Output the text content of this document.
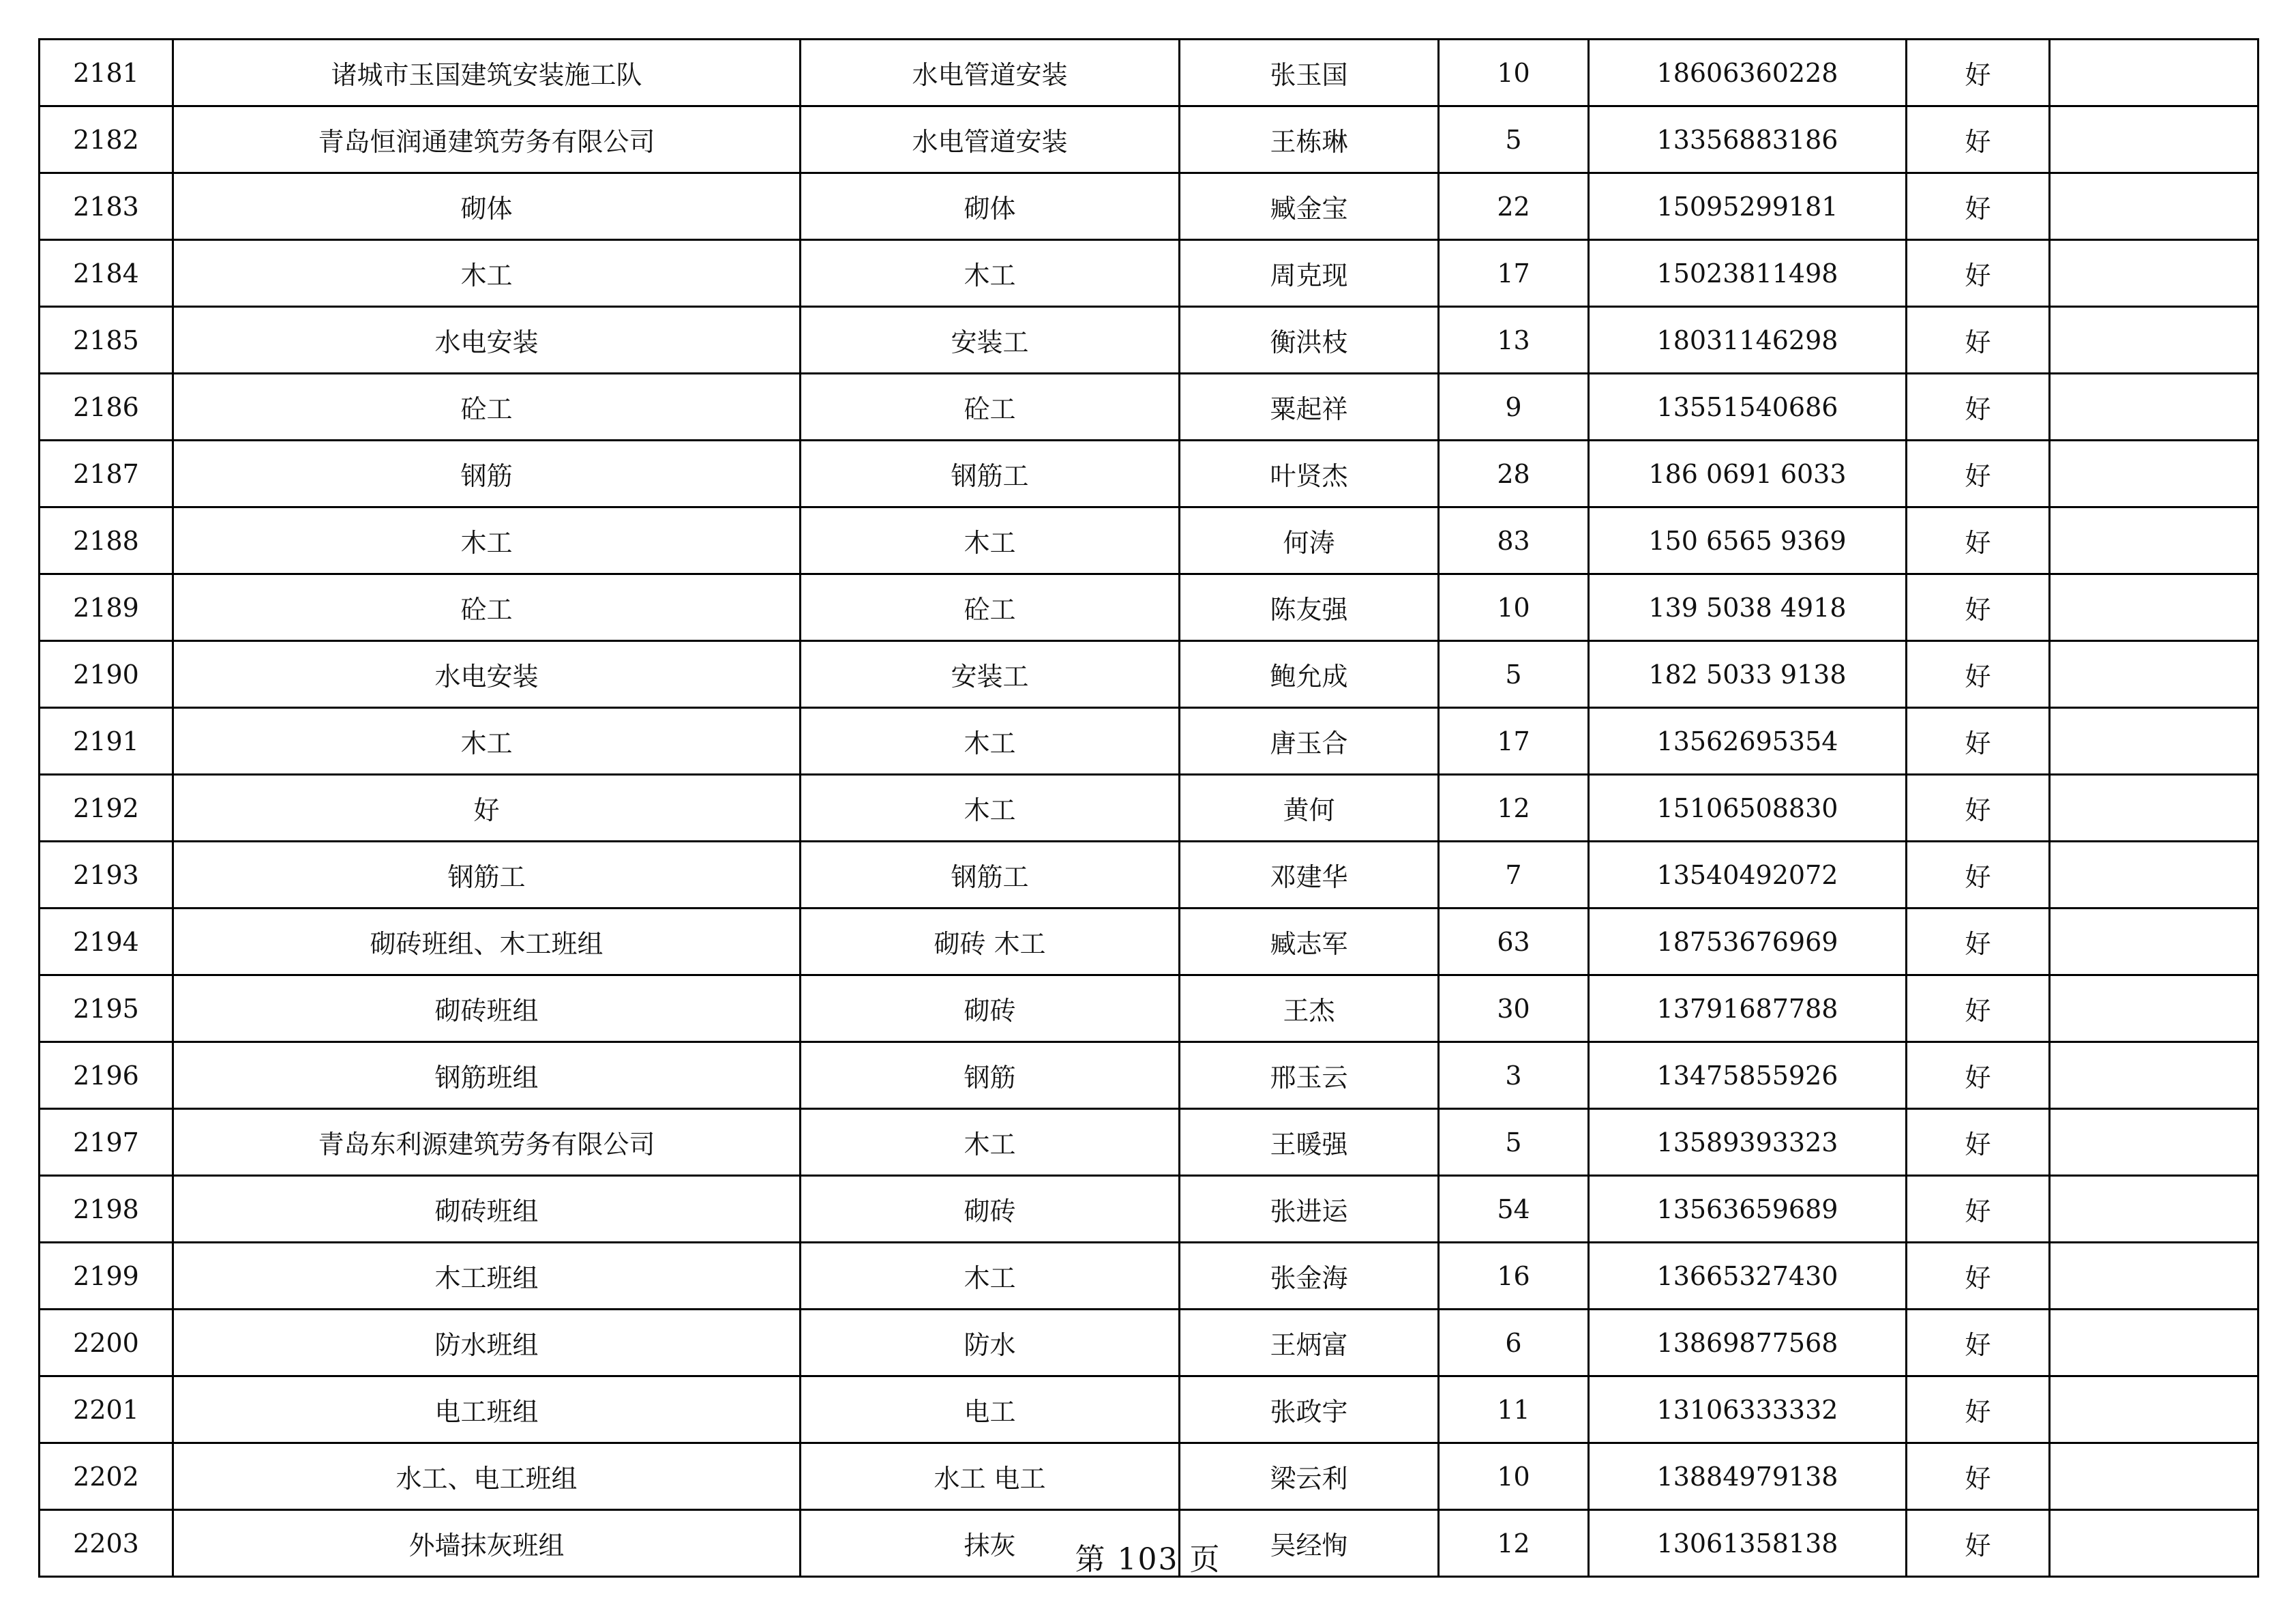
2181	诸城市玉国建筑安装施工队	水电管道安装	张玉国	10	18606360228	好	
2182	青岛恒润通建筑劳务有限公司	水电管道安装	王栋琳	5	13356883186	好	
2183	砌体	砌体	臧金宝	22	15095299181	好	
2184	木工	木工	周克现	17	15023811498	好	
2185	水电安装	安装工	衡洪枝	13	18031146298	好	
2186	砼工	砼工	粟起祥	9	13551540686	好	
2187	钢筋	钢筋工	叶贤杰	28	186 0691 6033	好	
2188	木工	木工	何涛	83	150 6565 9369	好	
2189	砼工	砼工	陈友强	10	139 5038 4918	好	
2190	水电安装	安装工	鲍允成	5	182 5033 9138	好	
2191	木工	木工	唐玉合	17	13562695354	好	
2192	好	木工	黄何	12	15106508830	好	
2193	钢筋工	钢筋工	邓建华	7	13540492072	好	
2194	砌砖班组、木工班组	砌砖 木工	臧志军	63	18753676969	好	
2195	砌砖班组	砌砖	王杰	30	13791687788	好	
2196	钢筋班组	钢筋	邢玉云	3	13475855926	好	
2197	青岛东利源建筑劳务有限公司	木工	王暖强	5	13589393323	好	
2198	砌砖班组	砌砖	张进运	54	13563659689	好	
2199	木工班组	木工	张金海	16	13665327430	好	
2200	防水班组	防水	王炳富	6	13869877568	好	
2201	电工班组	电工	张政宇	11	13106333332	好	
2202	水工、电工班组	水工 电工	梁云利	10	13884979138	好	
2203	外墙抹灰班组	抹灰	吴经恂	12	13061358138	好	
第 103 页
